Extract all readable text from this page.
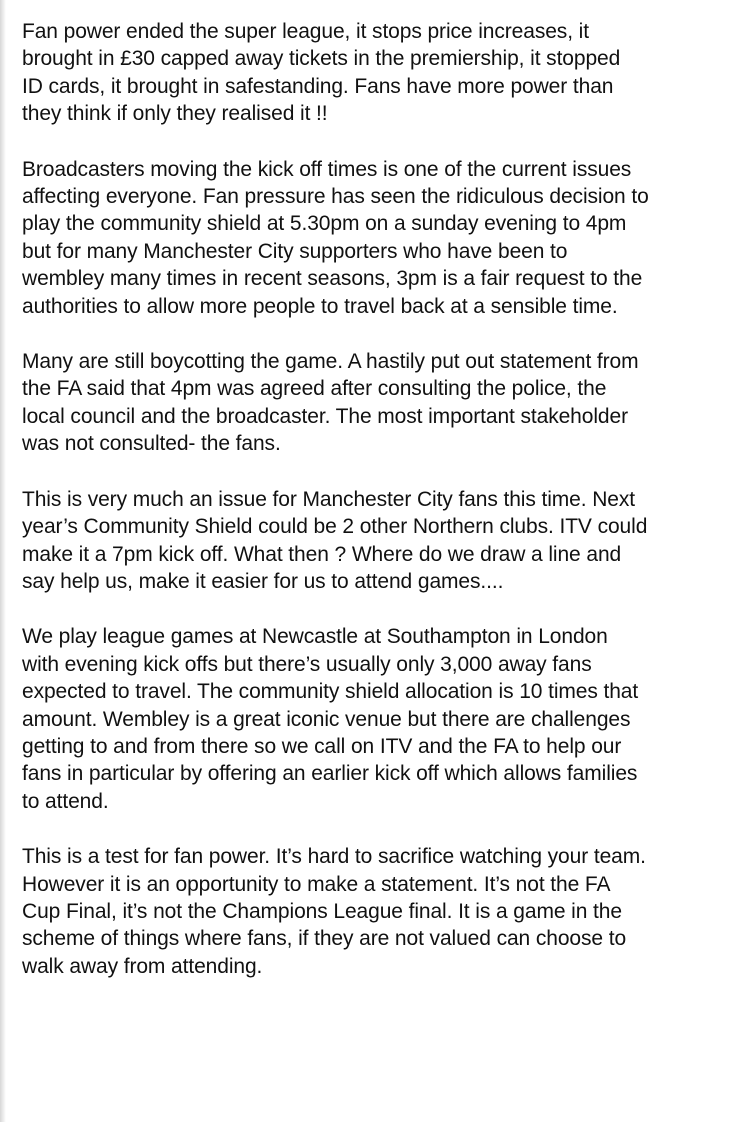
Fan power ended the super league, it stops price increases, it
brought in £30 capped away tickets in the premiership, it stopped
ID cards, it brought in safestanding. Fans have more power than
they think if only they realised it !!

Broadcasters moving the kick off times is one of the current issues
affecting everyone. Fan pressure has seen the ridiculous decision to
play the community shield at 5.30pm on a sunday evening to 4pm
but for many Manchester City supporters who have been to
wembley many times in recent seasons, 3pm is a fair request to the
authorities to allow more people to travel back at a sensible time.

Many are still boycotting the game. A hastily put out statement from
the FA said that 4pm was agreed after consulting the police, the
local council and the broadcaster. The most important stakeholder
was not consulted- the fans.

This is very much an issue for Manchester City fans this time. Next
year’s Community Shield could be 2 other Northern clubs. ITV could
make it a 7pm kick off. What then ? Where do we draw a line and
say help us, make it easier for us to attend games....

We play league games at Newcastle at Southampton in London
with evening kick offs but there’s usually only 3,000 away fans
expected to travel. The community shield allocation is 10 times that
amount. Wembley is a great iconic venue but there are challenges
getting to and from there so we call on ITV and the FA to help our
fans in particular by offering an earlier kick off which allows families
to attend.

This is a test for fan power. It’s hard to sacrifice watching your team.
However it is an opportunity to make a statement. It’s not the FA
Cup Final, it’s not the Champions League final. It is a game in the
scheme of things where fans, if they are not valued can choose to
walk away from attending.
